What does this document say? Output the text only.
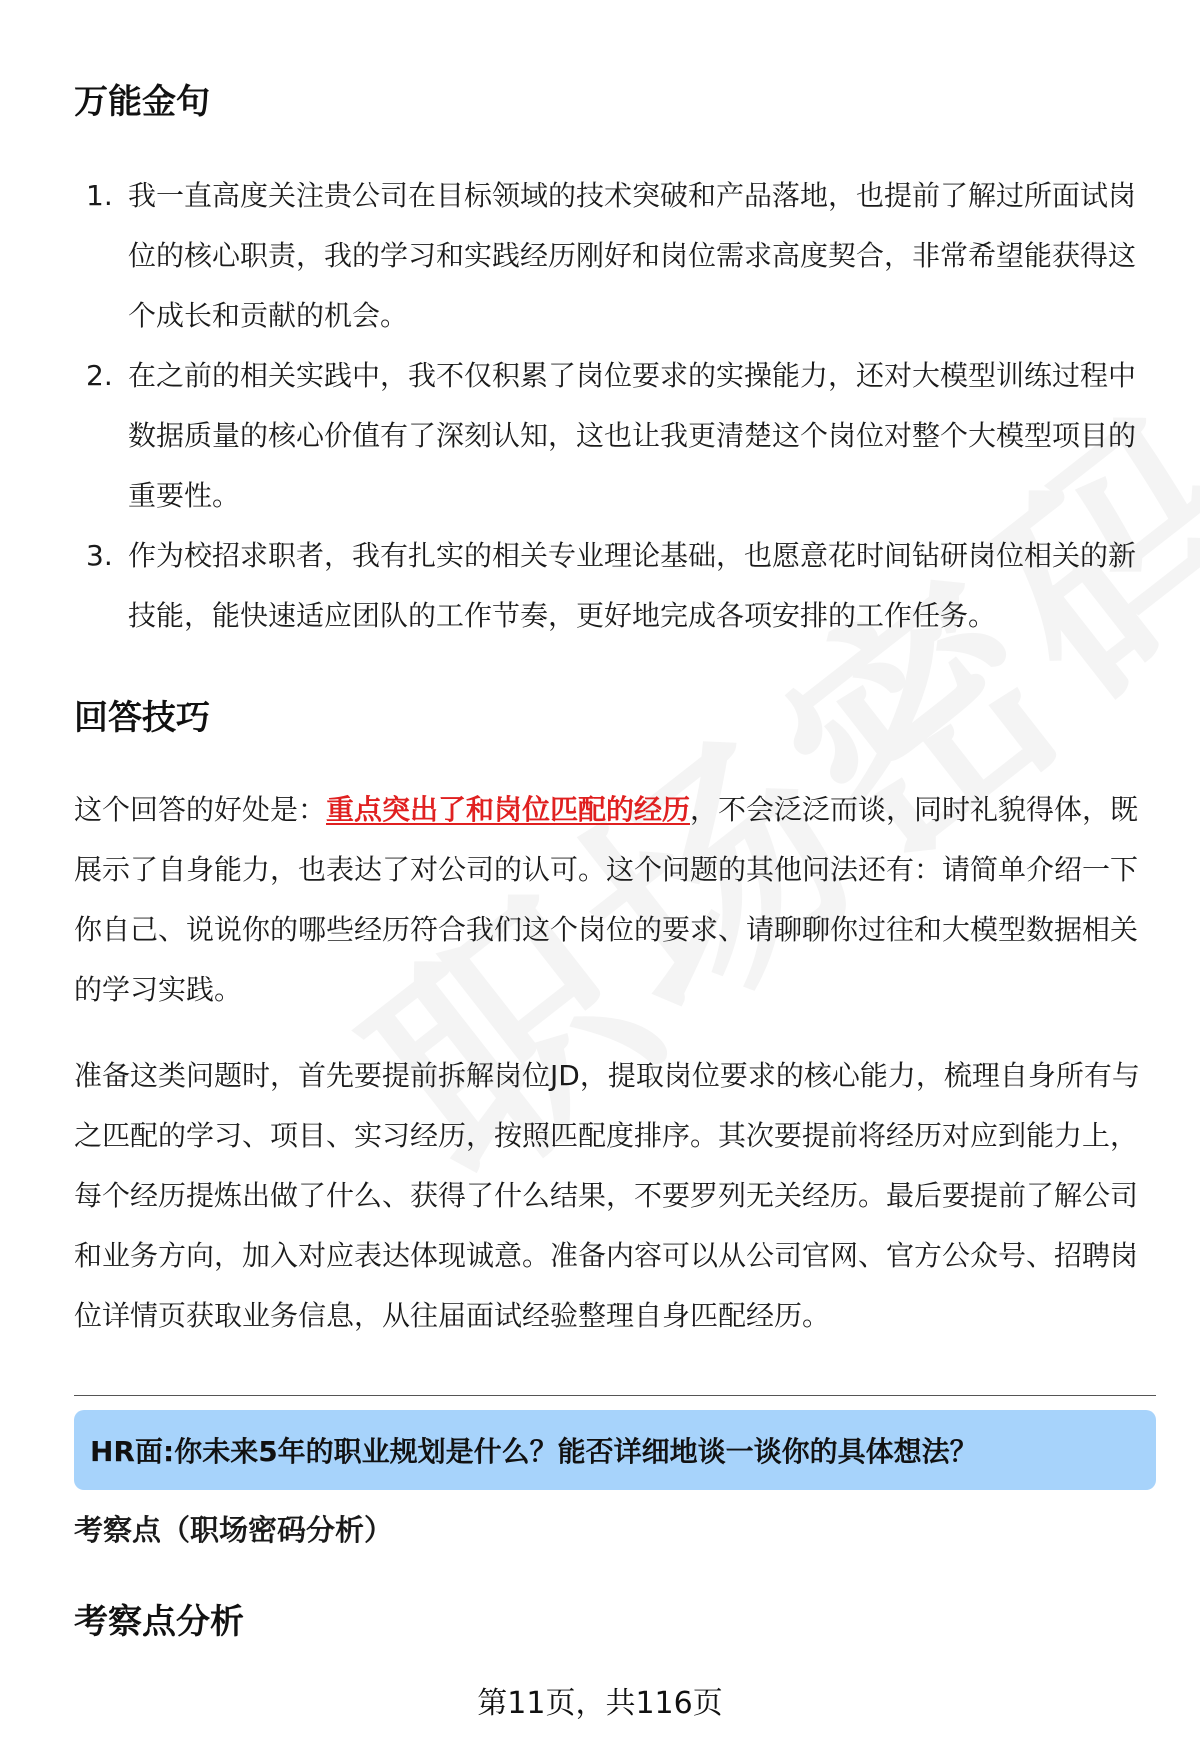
万能金句
1. 我一直高度关注贵公司在目标领域的技术突破和产品落地，也提前了解过所面试岗位的核心职责，我的学习和实践经历刚好和岗位需求高度契合，非常希望能获得这个成长和贡献的机会。
2. 在之前的相关实践中，我不仅积累了岗位要求的实操能力，还对大模型训练过程中数据质量的核心价值有了深刻认知，这也让我更清楚这个岗位对整个大模型项目的重要性。
3. 作为校招求职者，我有扎实的相关专业理论基础，也愿意花时间钻研岗位相关的新技能，能快速适应团队的工作节奏，更好地完成各项安排的工作任务。
回答技巧

这个回答的好处是：重点突出了和岗位匹配的经历，不会泛泛而谈，同时礼貌得体，既展示了自身能力，也表达了对公司的认可。这个问题的其他问法还有：请简单介绍一下你自己、说说你的哪些经历符合我们这个岗位的要求、请聊聊你过往和大模型数据相关的学习实践。

准备这类问题时，首先要提前拆解岗位JD，提取岗位要求的核心能力，梳理自身所有与之匹配的学习、项目、实习经历，按照匹配度排序。其次要提前将经历对应到能力上，每个经历提炼出做了什么、获得了什么结果，不要罗列无关经历。最后要提前了解公司和业务方向，加入对应表达体现诚意。准备内容可以从公司官网、官方公众号、招聘岗位详情页获取业务信息，从往届面试经验整理自身匹配经历。

HR面:你未来5年的职业规划是什么？能否详细地谈一谈你的具体想法？

考察点（职场密码分析）

考察点分析
第11页，共116页
